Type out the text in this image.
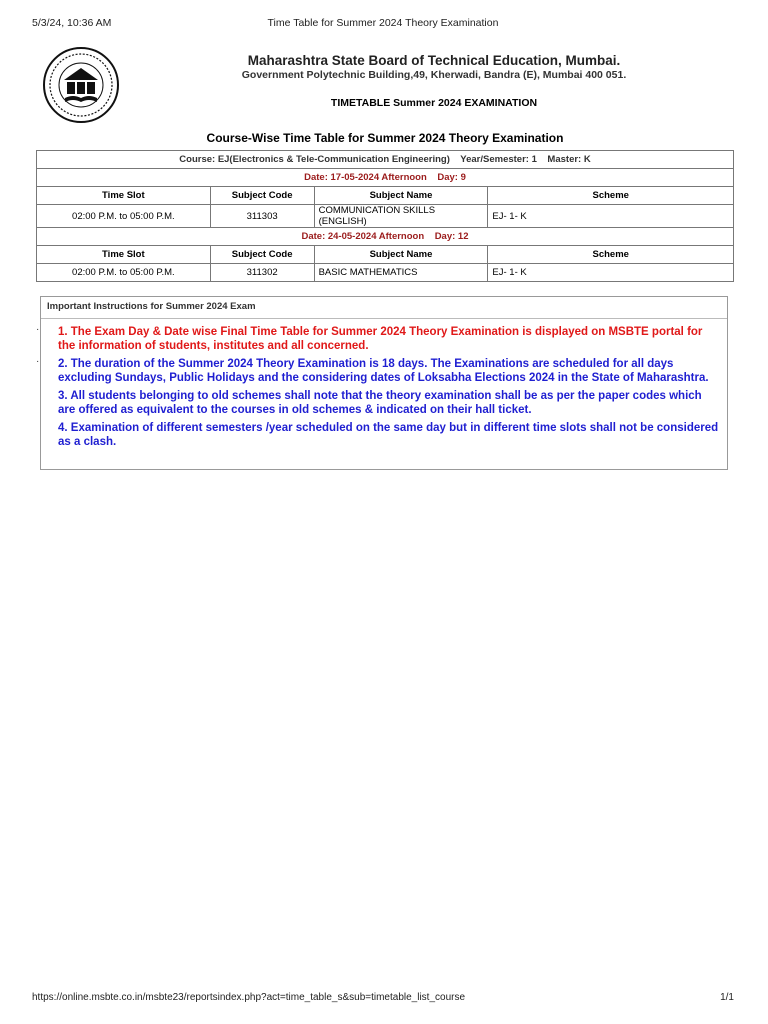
5/3/24, 10:36 AM	Time Table for Summer 2024 Theory Examination
Maharashtra State Board of Technical Education, Mumbai.
Government Polytechnic Building,49, Kherwadi, Bandra (E), Mumbai 400 051.
TIMETABLE Summer 2024 EXAMINATION
Course-Wise Time Table for Summer 2024 Theory Examination
Course: EJ(Electronics & Tele-Communication Engineering)    Year/Semester: 1    Master: K			
Date: 17-05-2024 Afternoon    Day: 9			
Time Slot	Subject Code	Subject Name	Scheme
02:00 P.M. to 05:00 P.M.	311303	COMMUNICATION SKILLS (ENGLISH)	EJ- 1- K
Date: 24-05-2024 Afternoon    Day: 12			
Time Slot	Subject Code	Subject Name	Scheme
02:00 P.M. to 05:00 P.M.	311302	BASIC MATHEMATICS	EJ- 1- K
·
·
Important Instructions for Summer 2024 Exam
1. The Exam Day & Date wise Final Time Table for Summer 2024 Theory Examination is displayed on MSBTE portal for the information of students, institutes and all concerned.
2. The duration of the Summer 2024 Theory Examination is 18 days. The Examinations are scheduled for all days excluding Sundays, Public Holidays and the considering dates of Loksabha Elections 2024 in the State of Maharashtra.
3. All students belonging to old schemes shall note that the theory examination shall be as per the paper codes which are offered as equivalent to the courses in old schemes & indicated on their hall ticket.
4. Examination of different semesters /year scheduled on the same day but in different time slots shall not be considered as a clash.
https://online.msbte.co.in/msbte23/reportsindex.php?act=time_table_s&sub=timetable_list_course	1/1
